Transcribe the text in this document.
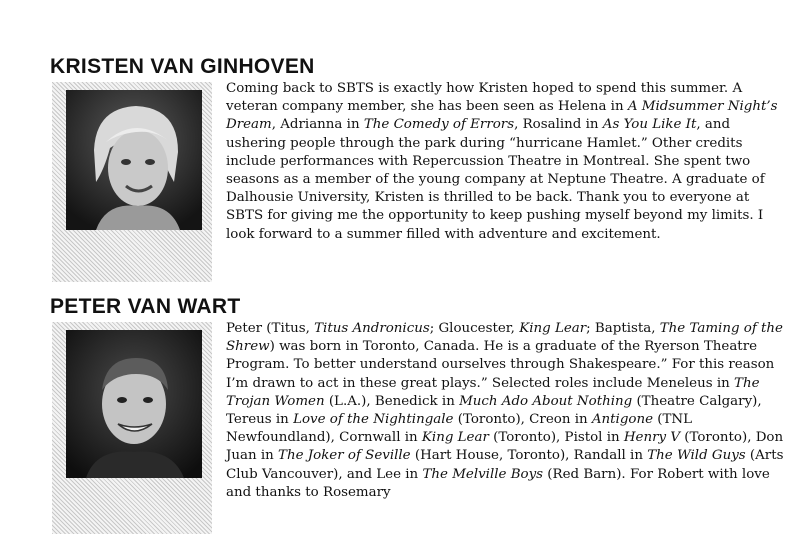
KRISTEN VAN GINHOVEN

Coming back to SBTS is exactly how Kristen hoped to spend this summer. A veteran company member, she has been seen as Helena in A Midsummer Night’s Dream, Adrianna in The Comedy of Errors, Rosalind in As You Like It, and ushering people through the park during “hurricane Hamlet.” Other credits include performances with Repercussion Theatre in Montreal. She spent two seasons as a member of the young company at Neptune Theatre. A graduate of Dalhousie University, Kristen is thrilled to be back. Thank you to everyone at SBTS for giving me the opportunity to keep pushing myself beyond my limits. I look forward to a summer filled with adventure and excitement.

PETER VAN WART

Peter (Titus, Titus Andronicus; Gloucester, King Lear; Baptista, The Taming of the Shrew) was born in Toronto, Canada. He is a graduate of the Ryerson Theatre Program. To better understand ourselves through Shakespeare.” For this reason I’m drawn to act in these great plays.” Selected roles include Meneleus in The Trojan Women (L.A.), Benedick in Much Ado About Nothing (Theatre Calgary), Tereus in Love of the Nightingale (Toronto), Creon in Antigone (TNL Newfoundland), Cornwall in King Lear (Toronto), Pistol in Henry V (Toronto), Don Juan in The Joker of Seville (Hart House, Toronto), Randall in The Wild Guys (Arts Club Vancouver), and Lee in The Melville Boys (Red Barn). For Robert with love and thanks to Rosemary
